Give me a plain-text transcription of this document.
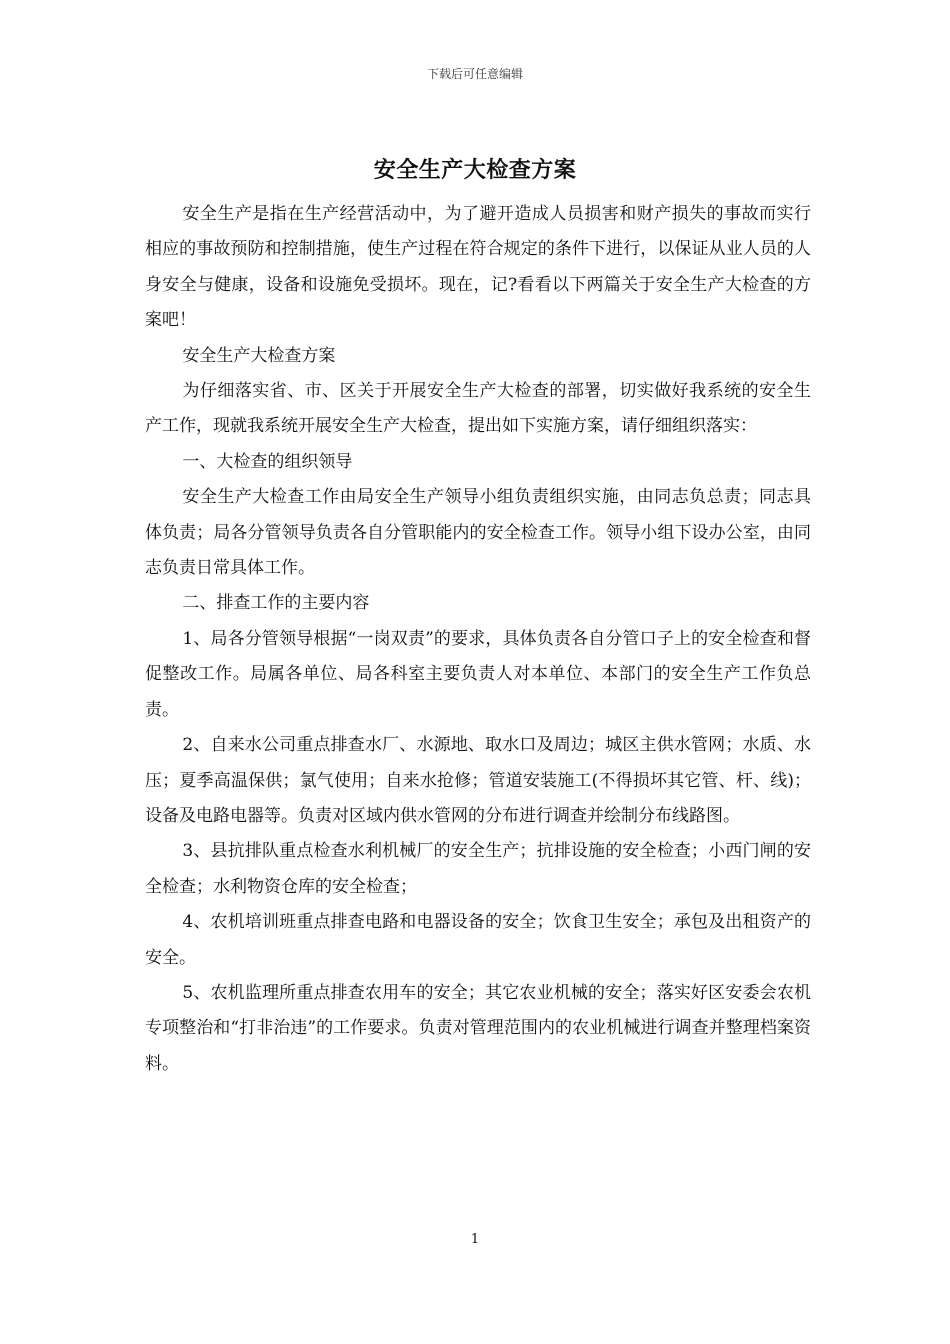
下载后可任意编辑
安全生产大检查方案

安全生产是指在生产经营活动中，为了避开造成人员损害和财产损失的事故而实行相应的事故预防和控制措施，使生产过程在符合规定的条件下进行，以保证从业人员的人身安全与健康，设备和设施免受损坏。现在，记?看看以下两篇关于安全生产大检查的方案吧！

安全生产大检查方案

为仔细落实省、市、区关于开展安全生产大检查的部署，切实做好我系统的安全生产工作，现就我系统开展安全生产大检查，提出如下实施方案，请仔细组织落实：

一、大检查的组织领导

安全生产大检查工作由局安全生产领导小组负责组织实施，由同志负总责；同志具体负责；局各分管领导负责各自分管职能内的安全检查工作。领导小组下设办公室，由同志负责日常具体工作。

二、排查工作的主要内容

1、局各分管领导根据“一岗双责”的要求，具体负责各自分管口子上的安全检查和督促整改工作。局属各单位、局各科室主要负责人对本单位、本部门的安全生产工作负总责。

2、自来水公司重点排查水厂、水源地、取水口及周边；城区主供水管网；水质、水压；夏季高温保供；氯气使用；自来水抢修；管道安装施工(不得损坏其它管、杆、线)；设备及电路电器等。负责对区域内供水管网的分布进行调查并绘制分布线路图。

3、县抗排队重点检查水利机械厂的安全生产；抗排设施的安全检查；小西门闸的安全检查；水利物资仓库的安全检查；

4、农机培训班重点排查电路和电器设备的安全；饮食卫生安全；承包及出租资产的安全。

5、农机监理所重点排查农用车的安全；其它农业机械的安全；落实好区安委会农机专项整治和“打非治违”的工作要求。负责对管理范围内的农业机械进行调查并整理档案资料。

1
